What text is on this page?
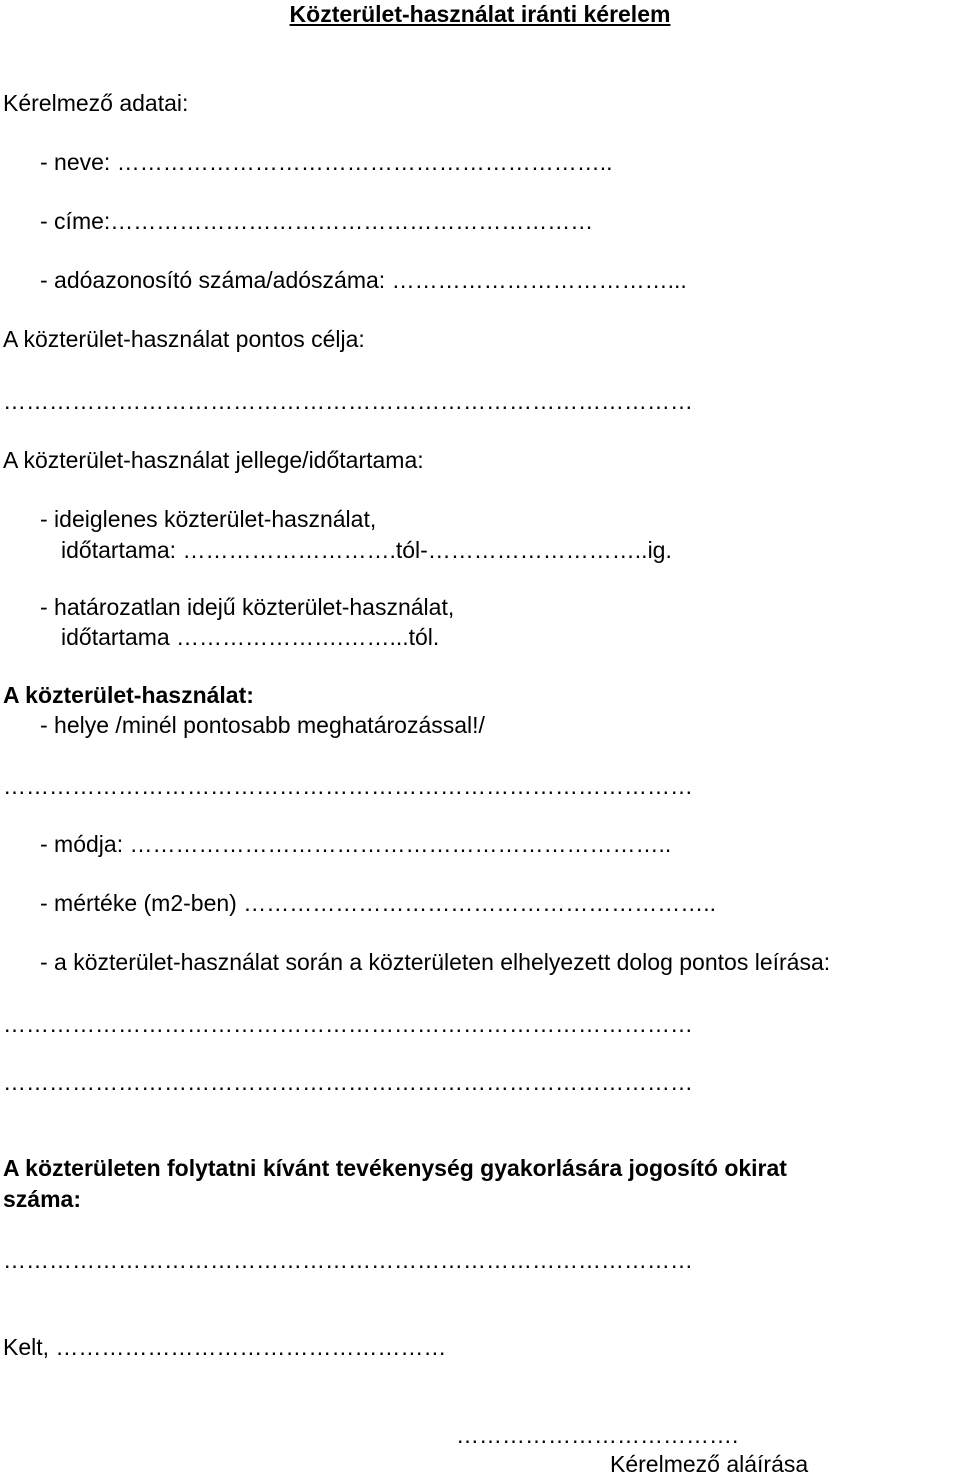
Közterület-használat iránti kérelem
Kérelmező adatai:
- neve: ………………………………………………………..
- címe:………………………………………………………
- adóazonosító száma/adószáma: ………………………………...
A közterület-használat pontos célja:
………………………………………………………………………………
A közterület-használat jellege/időtartama:
- ideiglenes közterület-használat,
időtartama: ……………………….tól-………………………..ig.
- határozatlan idejű közterület-használat,
időtartama ………………….……...tól.
A közterület-használat:
- helye /minél pontosabb meghatározással!/
………………………………………………………………………………
- módja: ……………………………………………………………..
- mértéke (m2-ben) ……………………………………………………..
- a közterület-használat során a közterületen elhelyezett dolog pontos leírása:
………………………………………………………………………………
………………………………………………………………………………
A közterületen folytatni kívánt tevékenység gyakorlására jogosító okirat
száma:
………………………………………………………………………………
Kelt, ……………………………………………
……………………………….
Kérelmező aláírása
